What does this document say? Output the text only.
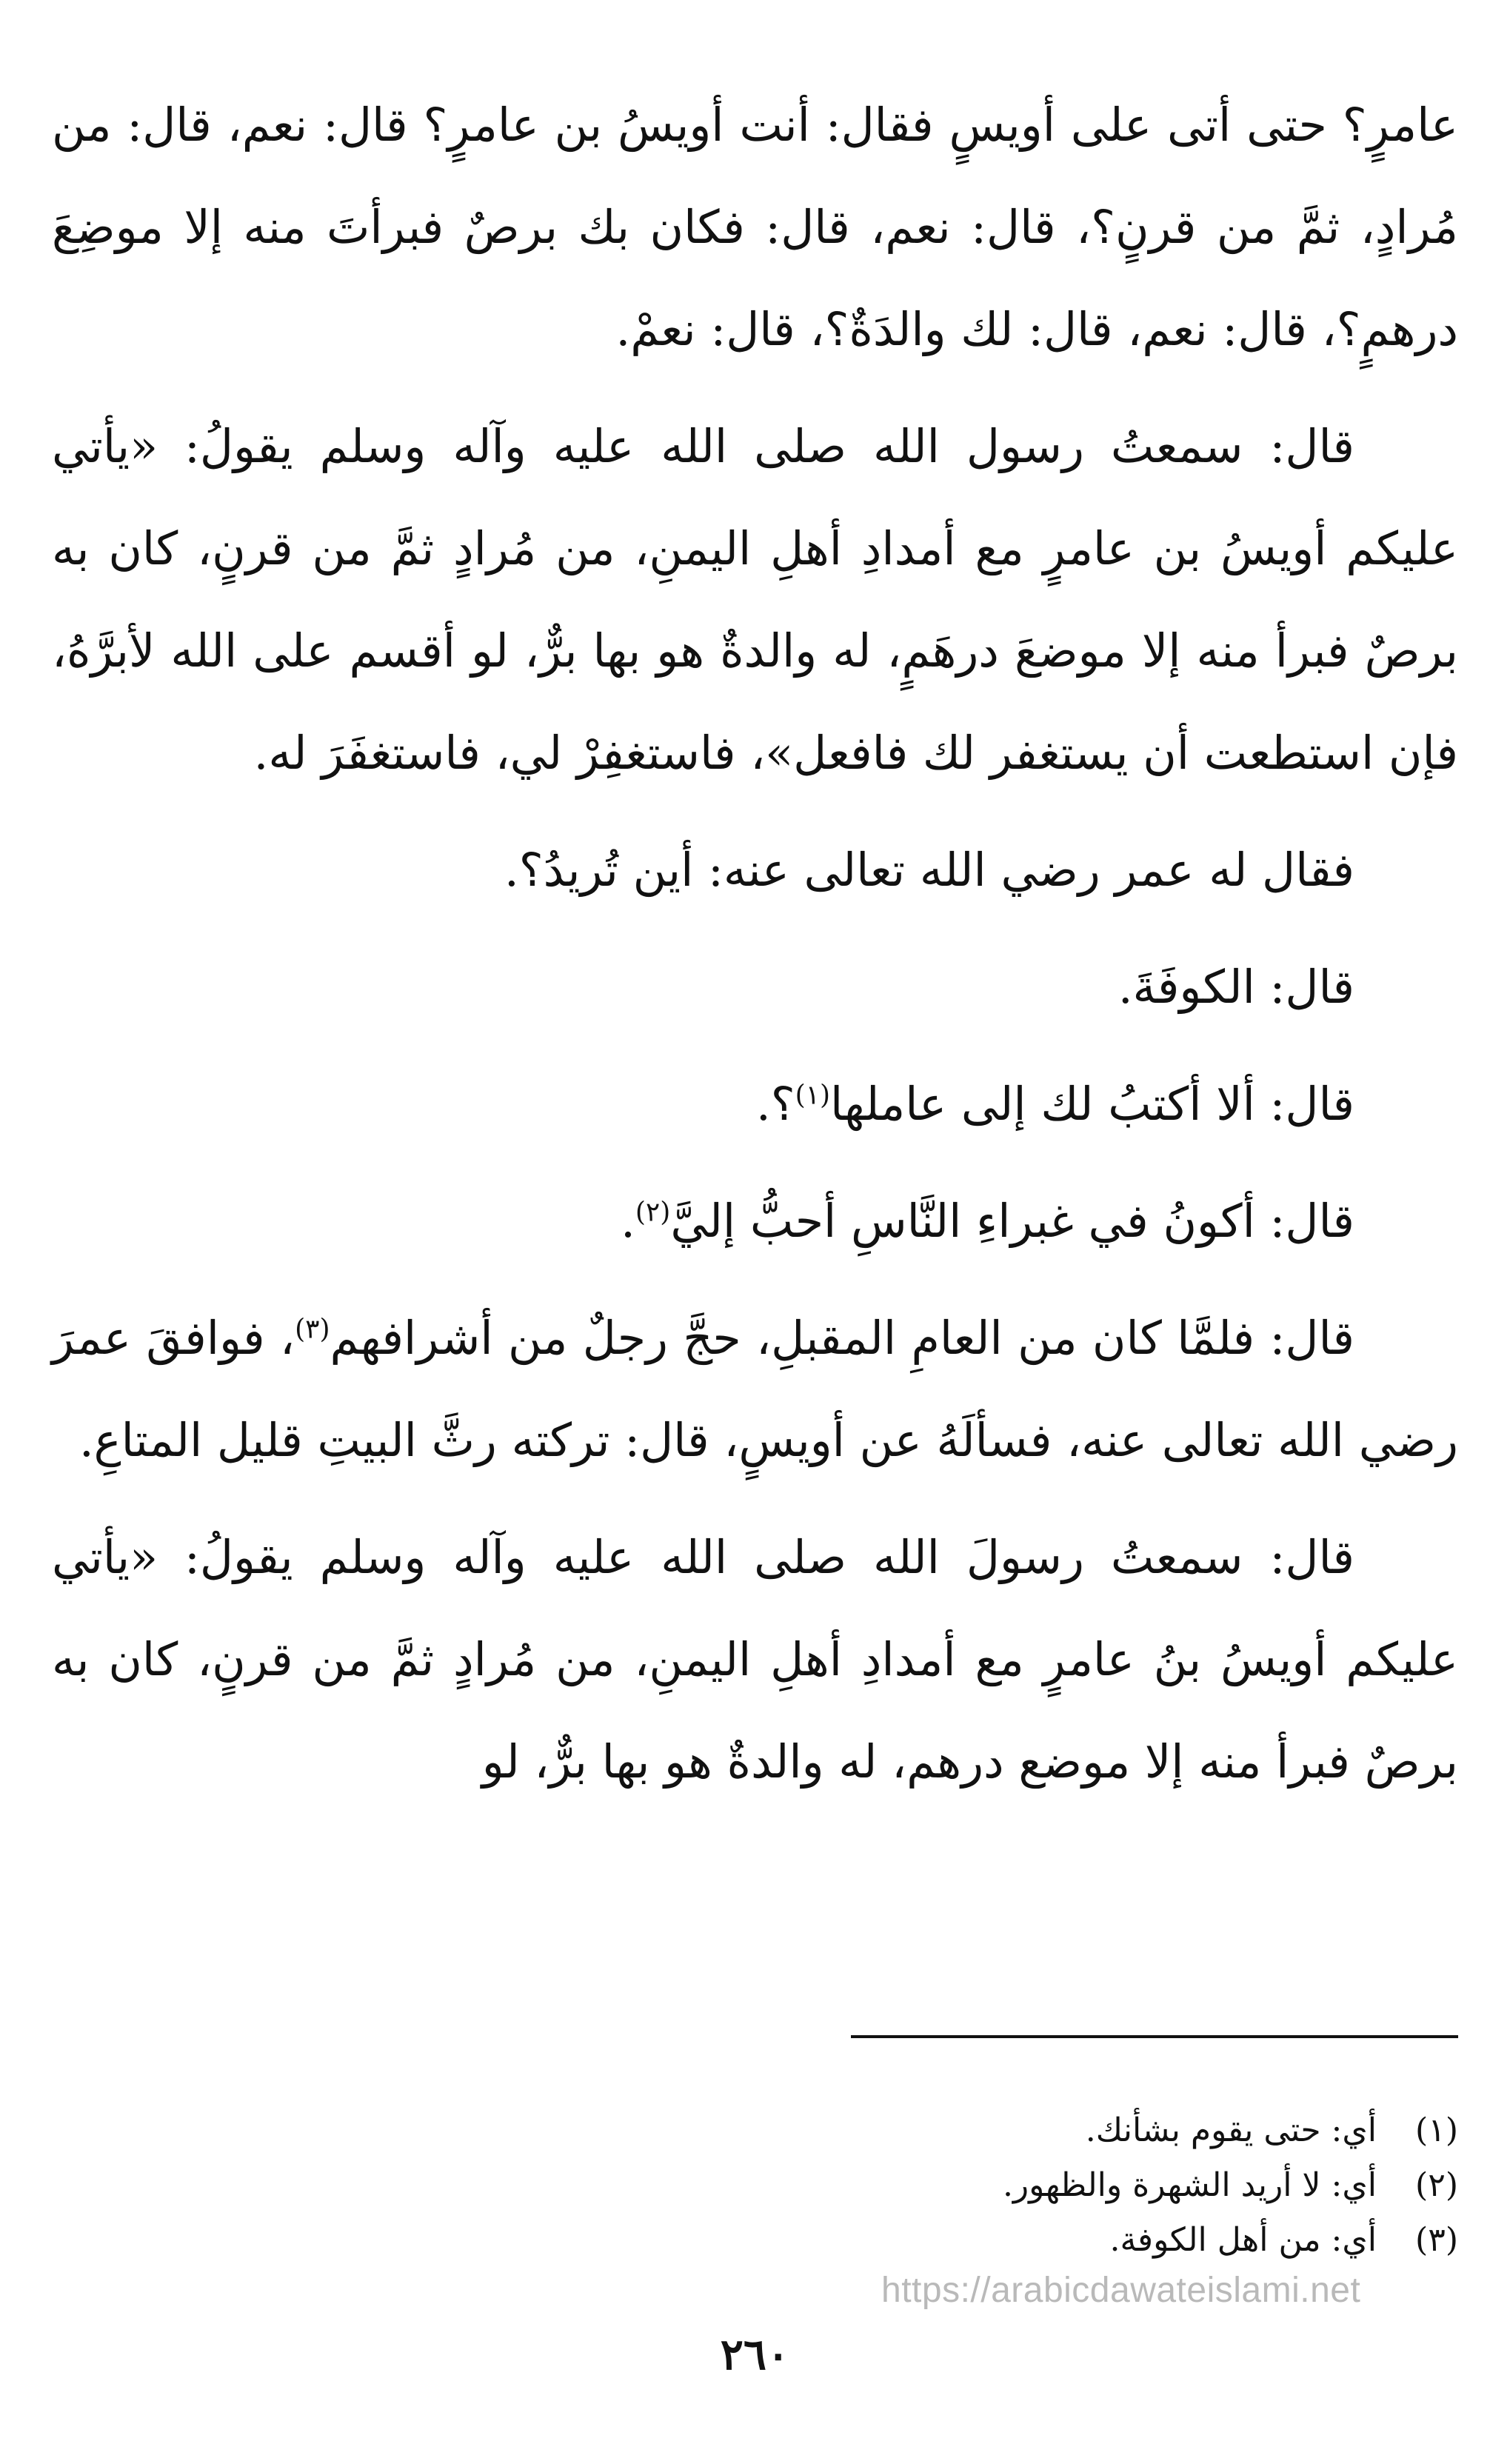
عامرٍ؟ حتى أتى على أويسٍ فقال: أنت أويسُ بن عامرٍ؟ قال: نعم، قال: من مُرادٍ، ثمَّ من قرنٍ؟، قال: نعم، قال: فكان بك برصٌ فبرأتَ منه إلا موضِعَ درهمٍ؟، قال: نعم، قال: لك والدَةٌ؟، قال: نعمْ.

قال: سمعتُ رسول الله صلى الله عليه وآله وسلم يقولُ: «يأتي عليكم أويسُ بن عامرٍ مع أمدادِ أهلِ اليمنِ، من مُرادٍ ثمَّ من قرنٍ، كان به برصٌ فبرأ منه إلا موضعَ درهَمٍ، له والدةٌ هو بها برٌّ، لو أقسم على الله لأبرَّهُ، فإن استطعت أن يستغفر لك فافعل»، فاستغفِرْ لي، فاستغفَرَ له.

فقال له عمر رضي الله تعالى عنه: أين تُريدُ؟.

قال: الكوفَةَ.

قال: ألا أكتبُ لك إلى عاملها$^{(١)}$؟.

قال: أكونُ في غبراءِ النَّاسِ أحبُّ إليَّ$^{(٢)}$.

قال: فلمَّا كان من العامِ المقبلِ، حجَّ رجلٌ من أشرافهم$^{(٣)}$، فوافقَ عمرَ رضي الله تعالى عنه، فسألَهُ عن أويسٍ، قال: تركته رثَّ البيتِ قليل المتاعِ.

قال: سمعتُ رسولَ الله صلى الله عليه وآله وسلم يقولُ: «يأتي عليكم أويسُ بنُ عامرٍ مع أمدادِ أهلِ اليمنِ، من مُرادٍ ثمَّ من قرنٍ، كان به برصٌ فبرأ منه إلا موضع درهم، له والدةٌ هو بها برٌّ، لو

(١)
أي: حتى يقوم بشأنك.
(٢)
أي: لا أريد الشهرة والظهور.
(٣)
أي: من أهل الكوفة.
https://arabicdawateislami.net
٢٦٠
